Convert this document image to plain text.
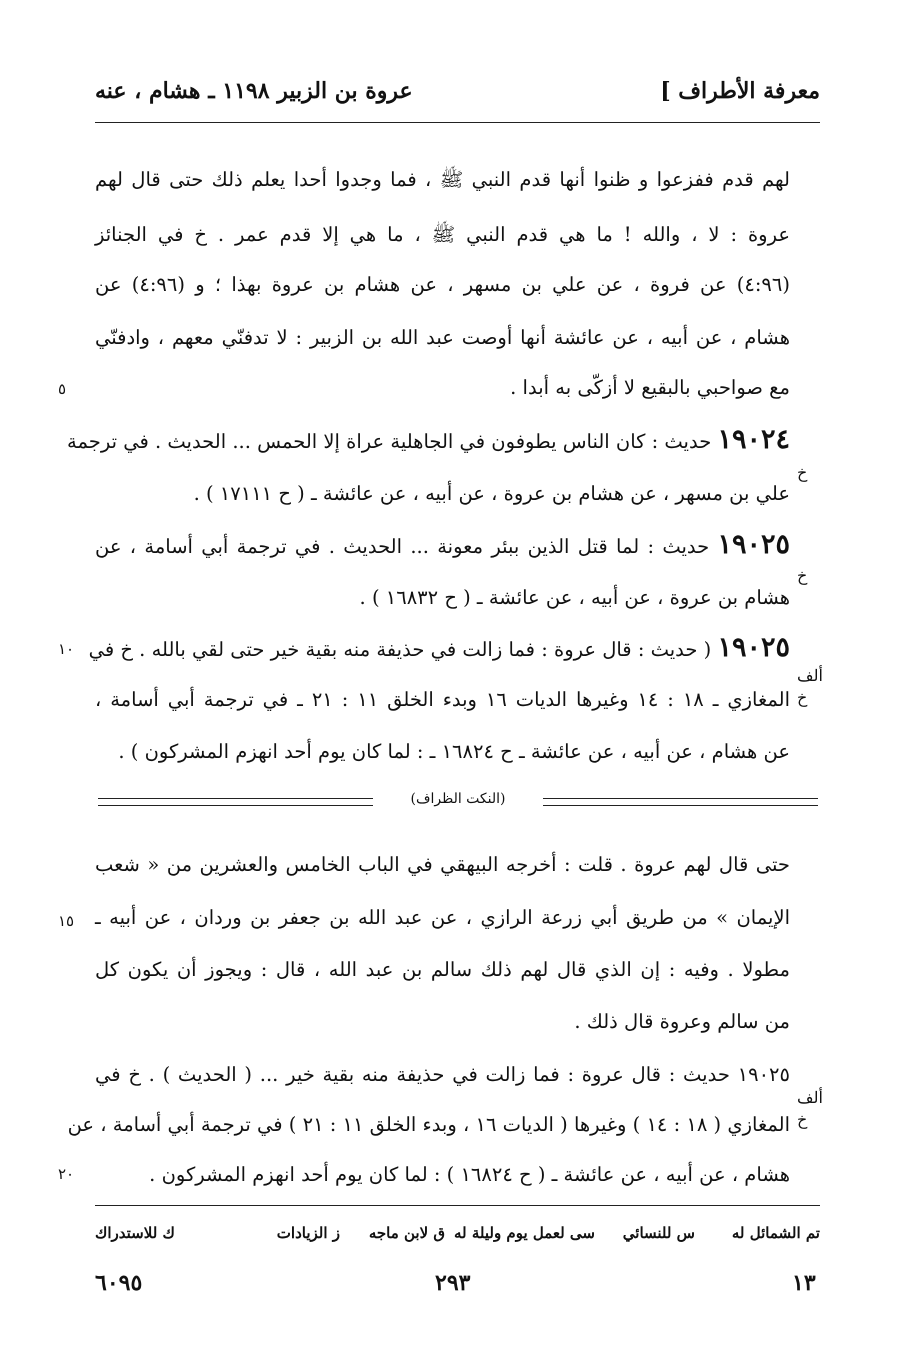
عروة بن الزبير ١١٩٨ ـ هشام ، عنه	معرفة الأطراف ]
لهم قدم ففزعوا و ظنوا أنها قدم النبي ﷺ ، فما وجدوا أحدا يعلم ذلك حتى قال لهم
عروة : لا ، والله ! ما هي قدم النبي ﷺ ، ما هي إلا قدم عمر . خ في الجنائز
(٤:٩٦) عن فروة ، عن علي بن مسهر ، عن هشام بن عروة بهذا ؛ و (٤:٩٦) عن
هشام ، عن أبيه ، عن عائشة أنها أوصت عبد الله بن الزبير : لا تدفنّي معهم ، وادفنّي
مع صواحبي بالبقيع لا أزكّى به أبدا .
٥
١٩٠٢٤ حديث : كان الناس يطوفون في الجاهلية عراة إلا الحمس ... الحديث . في ترجمة
خ
علي بن مسهر ، عن هشام بن عروة ، عن أبيه ، عن عائشة ـ ( ح ١٧١١١ ) .
١٩٠٢٥ حديث : لما قتل الذين ببئر معونة ... الحديث . في ترجمة أبي أسامة ، عن
خ
هشام بن عروة ، عن أبيه ، عن عائشة ـ ( ح ١٦٨٣٢ ) .
١٩٠٢٥ ( حديث : قال عروة : فما زالت في حذيفة منه بقية خير حتى لقي بالله . خ في
١٠
ألف
خ
المغازي ـ ١٨ : ١٤ وغيرها الديات ١٦ وبدء الخلق ١١ : ٢١ ـ في ترجمة أبي أسامة ،
عن هشام ، عن أبيه ، عن عائشة ـ ح ١٦٨٢٤ ـ : لما كان يوم أحد انهزم المشركون ) .
(النكت الظراف)
حتى قال لهم عروة . قلت : أخرجه البيهقي في الباب الخامس والعشرين من « شعب
الإيمان » من طريق أبي زرعة الرازي ، عن عبد الله بن جعفر بن وردان ، عن أبيه ـ
١٥
مطولا . وفيه : إن الذي قال لهم ذلك سالم بن عبد الله ، قال : ويجوز أن يكون كل
من سالم وعروة قال ذلك .
١٩٠٢٥ حديث : قال عروة : فما زالت في حذيفة منه بقية خير ... ( الحديث ) . خ في
ألف
خ
المغازي ( ١٨ : ١٤ ) وغيرها ( الديات ١٦ ، وبدء الخلق ١١ : ٢١ ) في ترجمة أبي أسامة ، عن
هشام ، عن أبيه ، عن عائشة ـ ( ح ١٦٨٢٤ ) : لما كان يوم أحد انهزم المشركون .
٢٠
تم الشمائل له
س للنسائي
سى لعمل يوم وليلة له
ق لابن ماجه
ز الزيادات
ك للاستدراك
٦٠٩٥	٢٩٣	١٣
